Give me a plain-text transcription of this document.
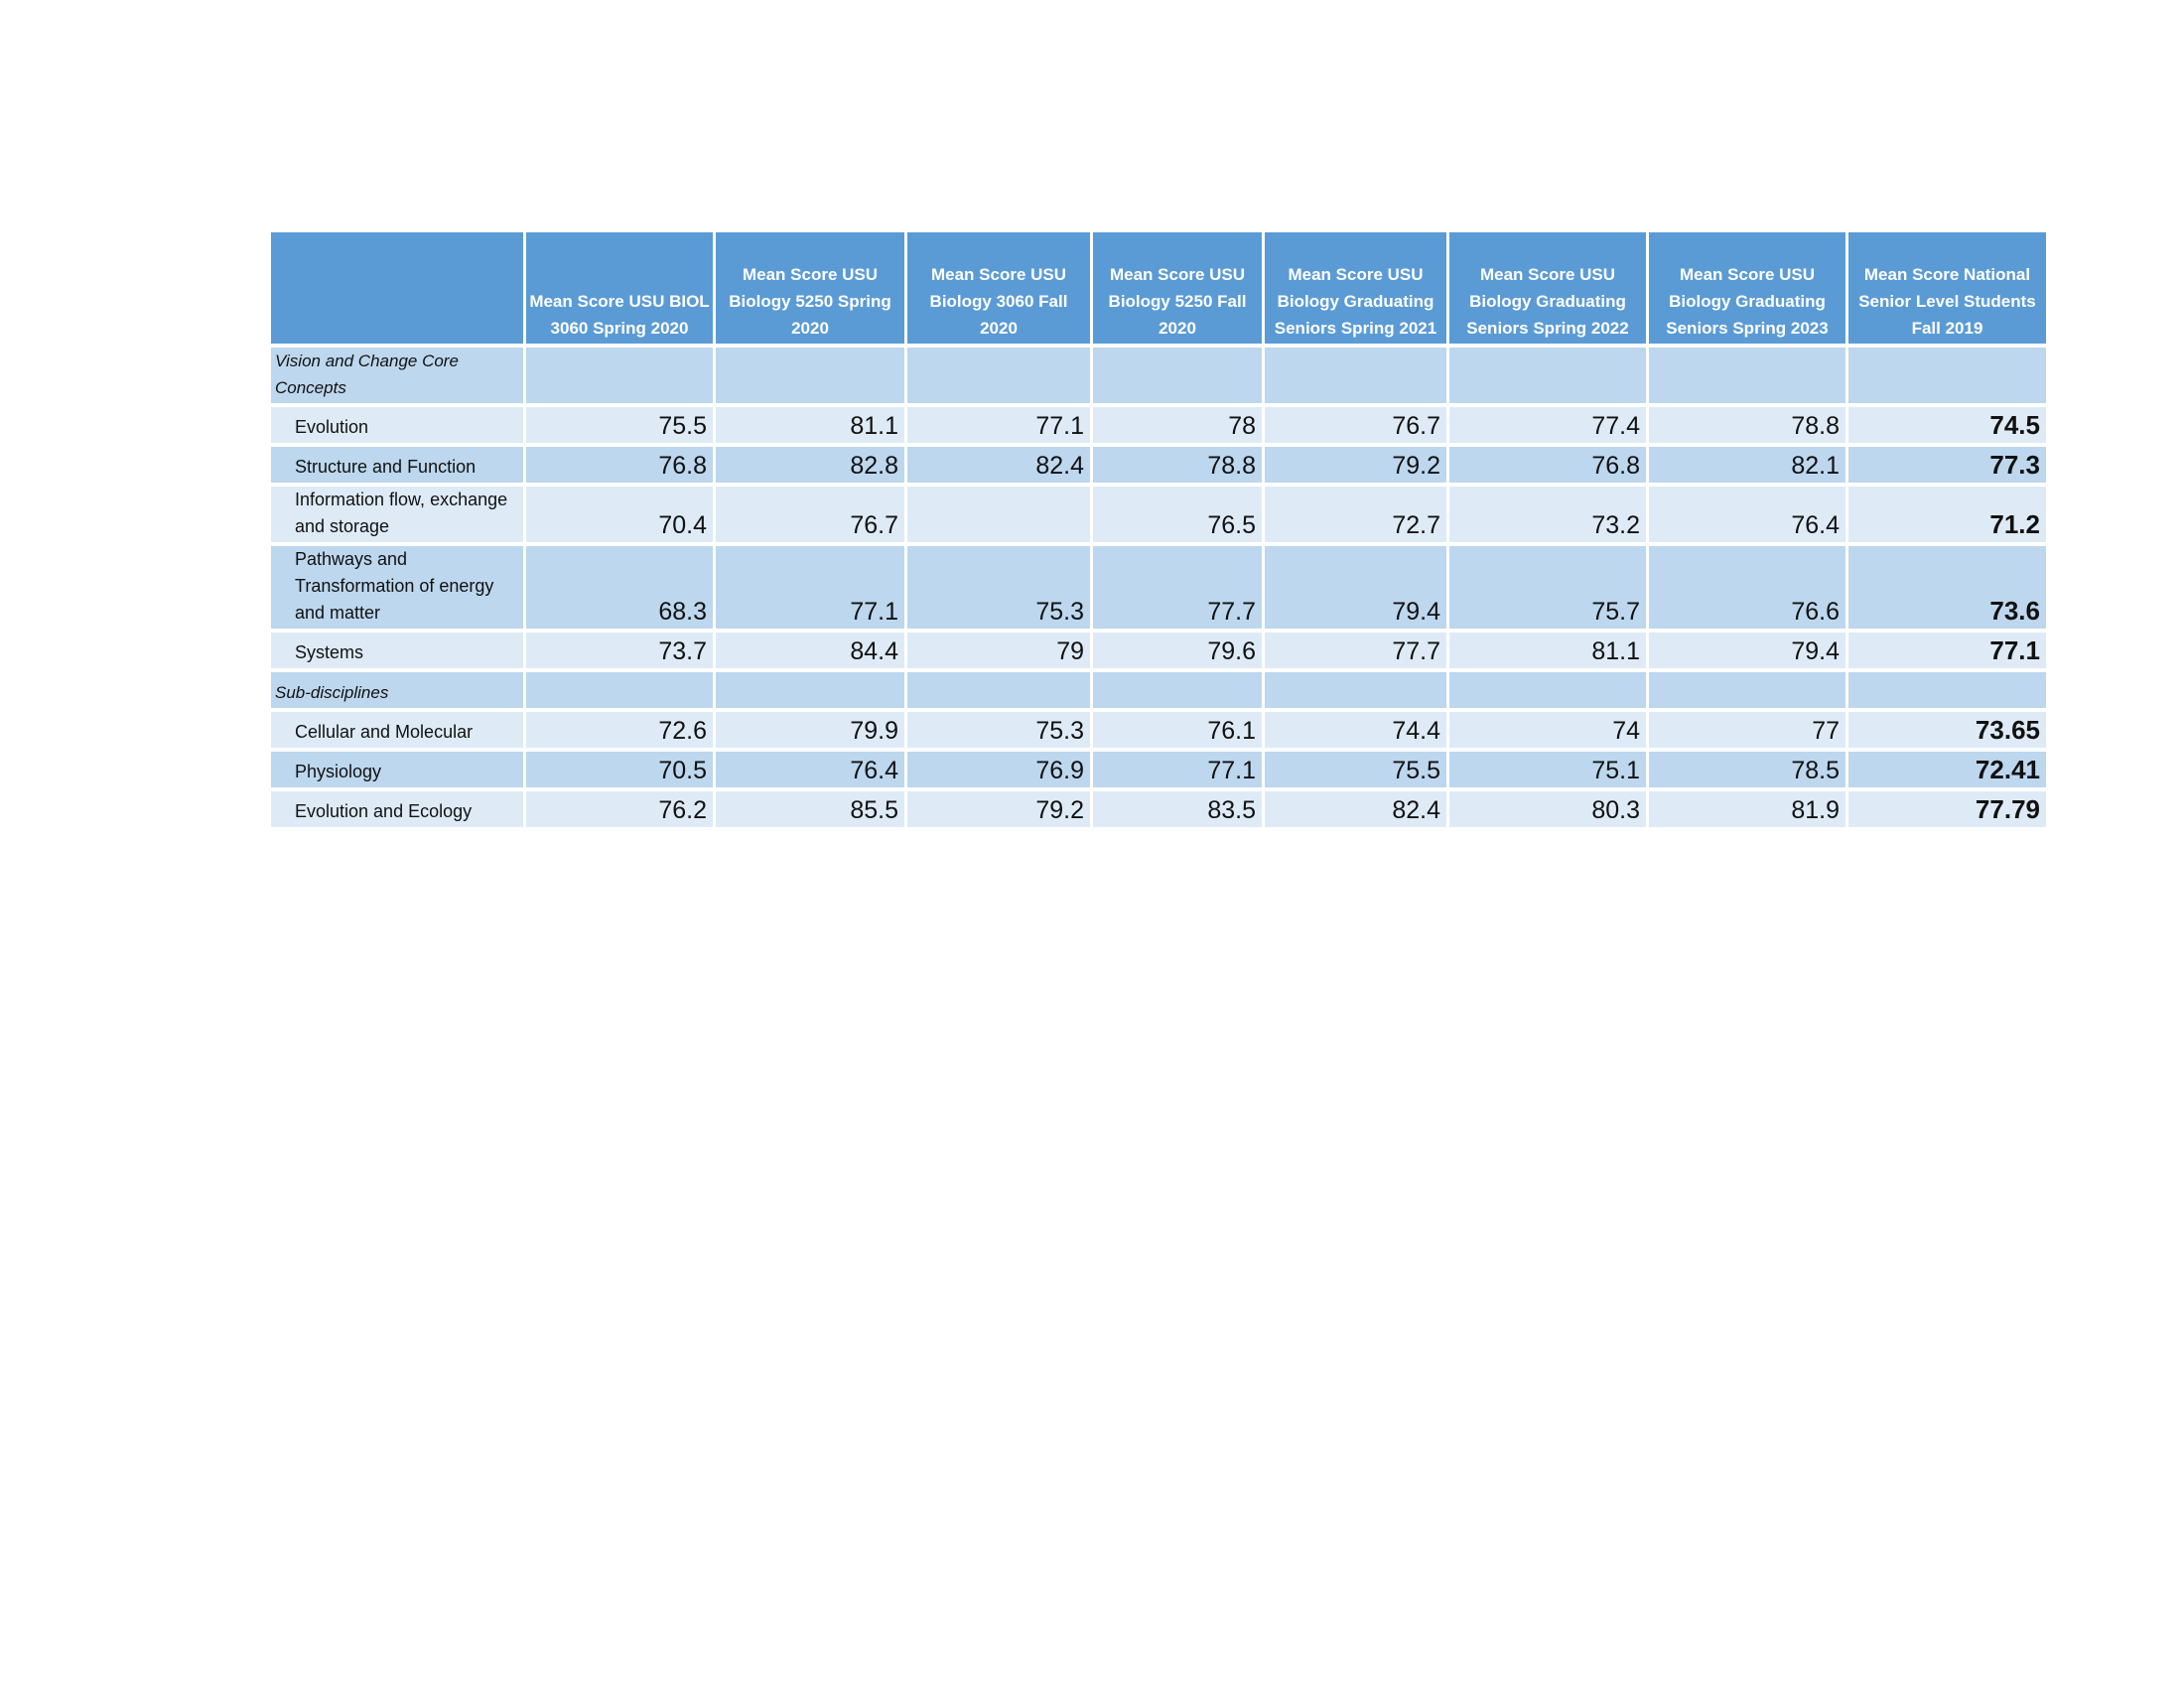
	Mean Score USU BIOL 3060 Spring 2020	Mean Score USU Biology 5250 Spring 2020	Mean Score USU Biology 3060 Fall 2020	Mean Score USU Biology 5250 Fall 2020	Mean Score USU Biology Graduating Seniors Spring 2021	Mean Score USU Biology Graduating Seniors Spring 2022	Mean Score USU Biology Graduating Seniors Spring 2023	Mean Score National Senior Level Students Fall 2019
Vision and Change Core Concepts								
Evolution	75.5	81.1	77.1	78	76.7	77.4	78.8	74.5
Structure and Function	76.8	82.8	82.4	78.8	79.2	76.8	82.1	77.3
Information flow, exchange and storage	70.4	76.7		76.5	72.7	73.2	76.4	71.2
Pathways and Transformation of energy and matter	68.3	77.1	75.3	77.7	79.4	75.7	76.6	73.6
Systems	73.7	84.4	79	79.6	77.7	81.1	79.4	77.1
Sub-disciplines								
Cellular and Molecular	72.6	79.9	75.3	76.1	74.4	74	77	73.65
Physiology	70.5	76.4	76.9	77.1	75.5	75.1	78.5	72.41
Evolution and Ecology	76.2	85.5	79.2	83.5	82.4	80.3	81.9	77.79
